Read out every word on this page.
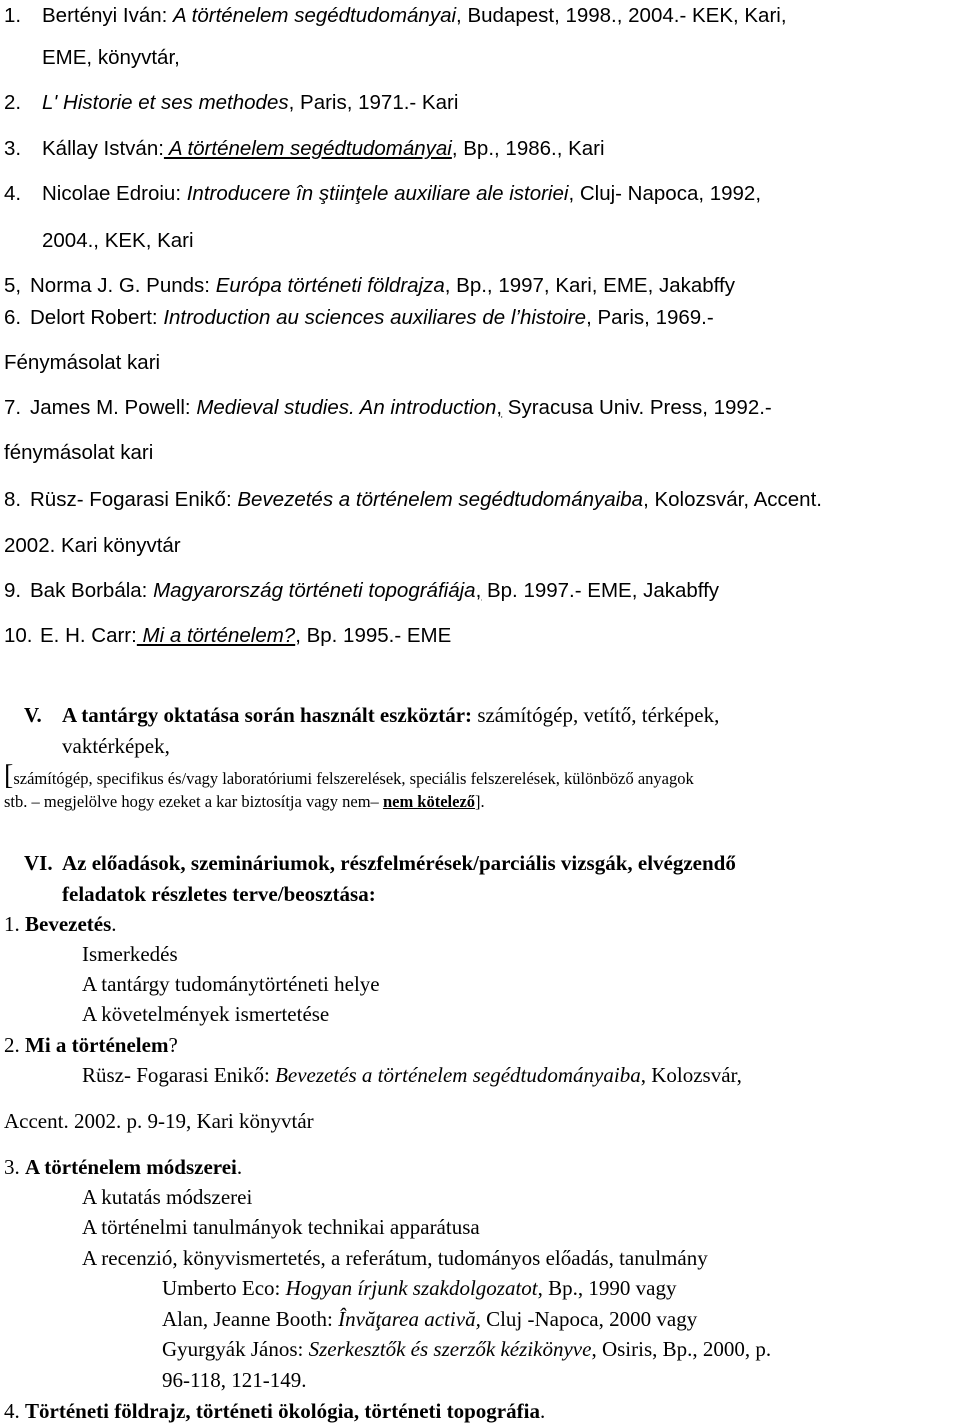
1. Bertényi Iván: A történelem segédtudományai, Budapest, 1998., 2004.- KEK, Kari,
EME, könyvtár,
2. L' Historie et ses methodes, Paris, 1971.- Kari
3. Kállay István: A történelem segédtudományai, Bp., 1986., Kari
4. Nicolae Edroiu: Introducere în ştiinţele auxiliare ale istoriei, Cluj- Napoca, 1992,
2004., KEK, Kari
5, Norma J. G. Punds: Európa történeti földrajza, Bp., 1997, Kari, EME, Jakabffy
6. Delort Robert: Introduction au sciences auxiliares de l’histoire, Paris, 1969.-
Fénymásolat kari
7. James M. Powell: Medieval studies. An introduction, Syracusa Univ. Press, 1992.-
fénymásolat kari
8. Rüsz- Fogarasi Enikő: Bevezetés a történelem segédtudományaiba, Kolozsvár, Accent.
2002. Kari könyvtár
9. Bak Borbála: Magyarország történeti topográfiája, Bp. 1997.- EME, Jakabffy
10. E. H. Carr: Mi a történelem?, Bp. 1995.- EME
V. A tantárgy oktatása során használt eszköztár: számítógép, vetítő, térképek,
vaktérképek,
[számítógép, specifikus és/vagy laboratóriumi felszerelések, speciális felszerelések, különböző anyagok
stb. – megjelölve hogy ezeket a kar biztosítja vagy nem– nem kötelező].
VI. Az előadások, szemináriumok, részfelmérések/parciális vizsgák, elvégzendő
feladatok részletes terve/beosztása:
1. Bevezetés.
Ismerkedés
A tantárgy tudománytörténeti helye
A követelmények ismertetése
2. Mi a történelem?
Rüsz- Fogarasi Enikő: Bevezetés a történelem segédtudományaiba, Kolozsvár,
Accent. 2002. p. 9-19, Kari könyvtár
3. A történelem módszerei.
A kutatás módszerei
A történelmi tanulmányok technikai apparátusa
A recenzió, könyvismertetés, a referátum, tudományos előadás, tanulmány
Umberto Eco: Hogyan írjunk szakdolgozatot, Bp., 1990 vagy
Alan, Jeanne Booth: Învăţarea activă, Cluj -Napoca, 2000 vagy
Gyurgyák János: Szerkesztők és szerzők kézikönyve, Osiris, Bp., 2000, p.
96-118, 121-149.
4. Történeti földrajz, történeti ökológia, történeti topográfia.
